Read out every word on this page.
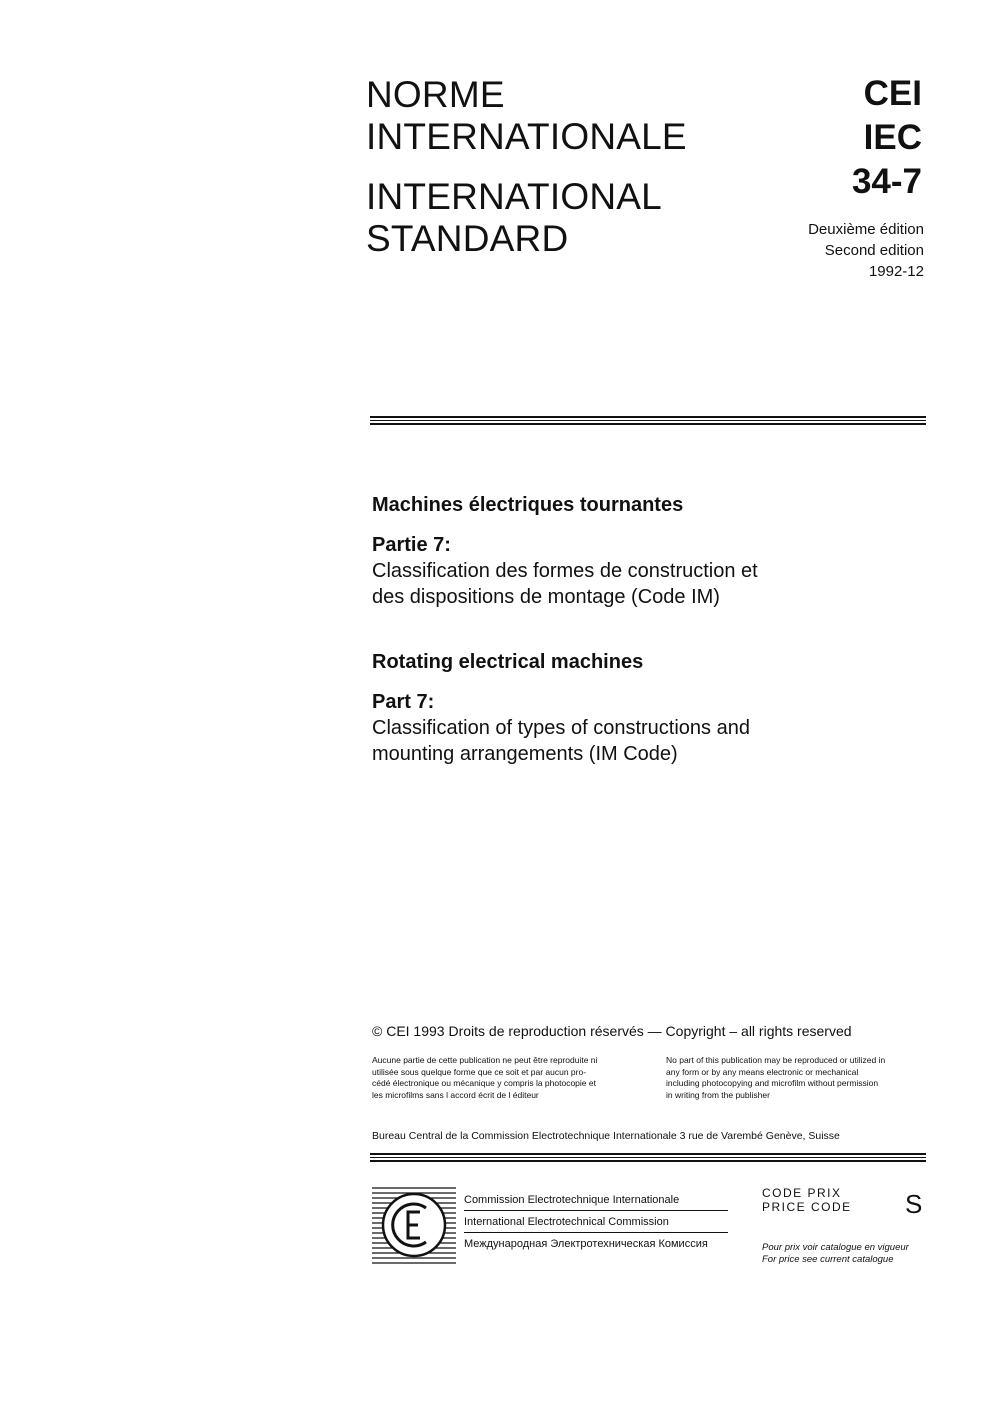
NORME
INTERNATIONALE
INTERNATIONAL
STANDARD
CEI
IEC
34-7
Deuxième édition
Second edition
1992-12
Machines électriques tournantes
Partie 7:
Classification des formes de construction et
des dispositions de montage (Code IM)
Rotating electrical machines
Part 7:
Classification of types of constructions and
mounting arrangements (IM Code)
© CEI 1993 Droits de reproduction réservés — Copyright – all rights reserved
Aucune partie de cette publication ne peut être reproduite ni
utilisée sous quelque forme que ce soit et par aucun pro-
cédé électronique ou mécanique y compris la photocopie et
les microfilms sans l accord écrit de l éditeur
No part of this publication may be reproduced or utilized in
any form or by any means electronic or mechanical
including photocopying and microfilm without permission
in writing from the publisher
Bureau Central de la Commission Electrotechnique Internationale 3 rue de Varembé Genève, Suisse
Commission Electrotechnique Internationale
International Electrotechnical Commission
Международная Электротехническая Комиссия
CODE PRIX
PRICE CODE S
Pour prix voir catalogue en vigueur
For price see current catalogue
